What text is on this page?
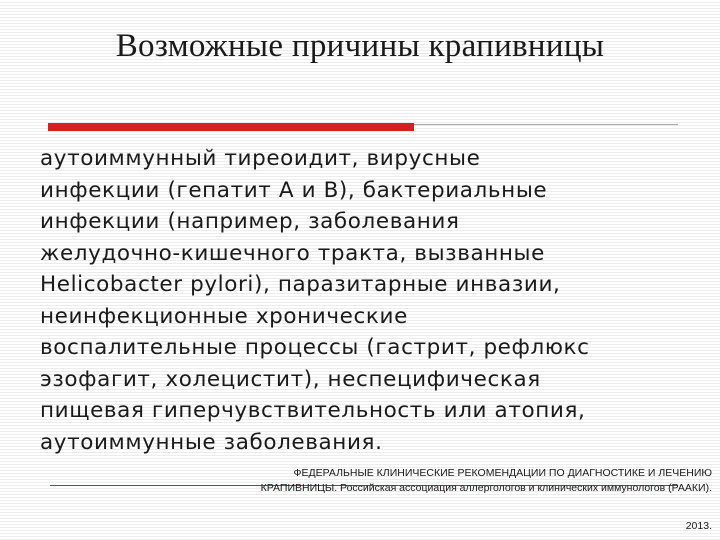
Возможные причины крапивницы

аутоиммунный тиреоидит, вирусные
инфекции (гепатит А и В), бактериальные
инфекции (например, заболевания
желудочно-кишечного тракта, вызванные
Helicobacter pylori), паразитарные инвазии,
неинфекционные хронические
воспалительные процессы (гастрит, рефлюкс
эзофагит, холецистит), неспецифическая
пищевая гиперчувствительность или атопия,
аутоиммунные заболевания.

ФЕДЕРАЛЬНЫЕ КЛИНИЧЕСКИЕ РЕКОМЕНДАЦИИ ПО ДИАГНОСТИКЕ И ЛЕЧЕНИЮ
КРАПИВНИЦЫ. Российская ассоциация аллергологов и клинических иммунологов (РААКИ).
2013.
